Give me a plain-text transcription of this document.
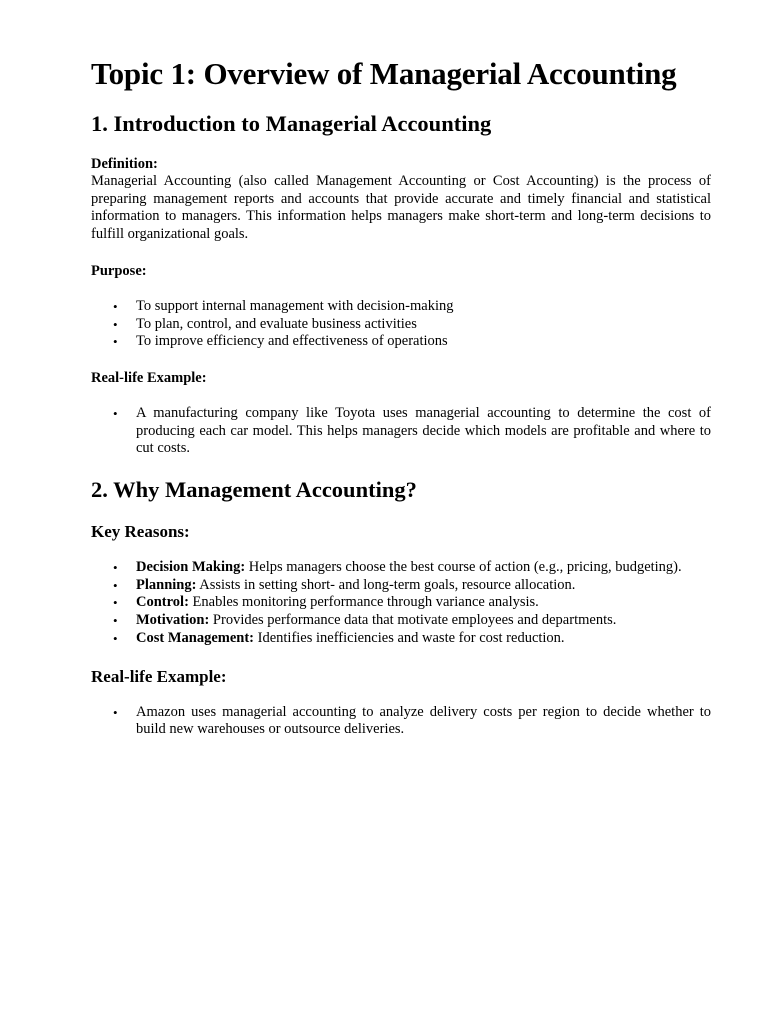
Topic 1: Overview of Managerial Accounting
1. Introduction to Managerial Accounting
Definition:

Managerial Accounting (also called Management Accounting or Cost Accounting) is the process of preparing management reports and accounts that provide accurate and timely financial and statistical information to managers. This information helps managers make short-term and long-term decisions to fulfill organizational goals.

Purpose:
• To support internal management with decision-making
• To plan, control, and evaluate business activities
• To improve efficiency and effectiveness of operations
Real-life Example:
• A manufacturing company like Toyota uses managerial accounting to determine the cost of producing each car model. This helps managers decide which models are profitable and where to cut costs.
2. Why Management Accounting?
Key Reasons:
• Decision Making: Helps managers choose the best course of action (e.g., pricing, budgeting).
• Planning: Assists in setting short- and long-term goals, resource allocation.
• Control: Enables monitoring performance through variance analysis.
• Motivation: Provides performance data that motivate employees and departments.
• Cost Management: Identifies inefficiencies and waste for cost reduction.
Real-life Example:
• Amazon uses managerial accounting to analyze delivery costs per region to decide whether to build new warehouses or outsource deliveries.
